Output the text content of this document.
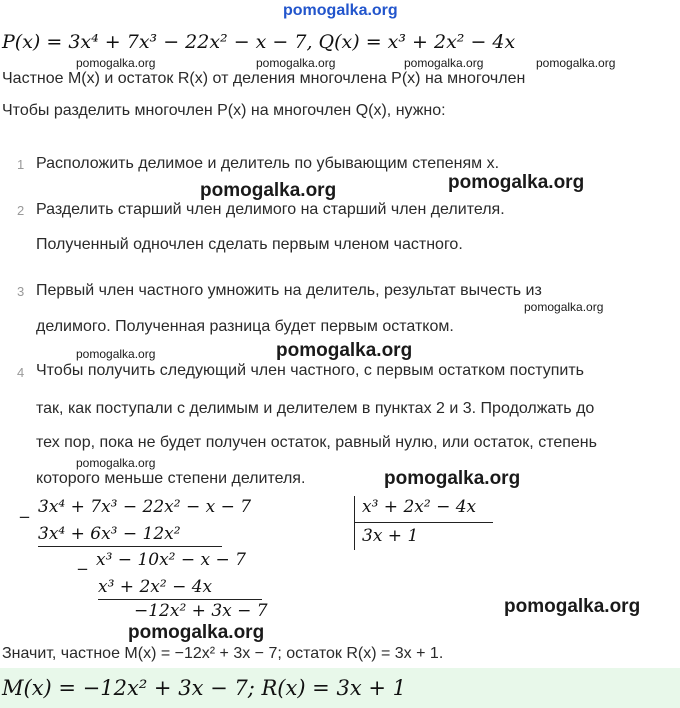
pomogalka.org
P(x) = 3x⁴ + 7x³ − 22x² − x − 7, Q(x) = x³ + 2x² − 4x
pomogalka.org	pomogalka.org	pomogalka.org	pomogalka.org
Частное M(x) и остаток R(x) от деления многочлена P(x) на многочлен
Чтобы разделить многочлен P(x) на многочлен Q(x), нужно:
1 Расположить делимое и делитель по убывающим степеням x.
pomogalka.org	pomogalka.org
2 Разделить старший член делимого на старший член делителя.
Полученный одночлен сделать первым членом частного.
3 Первый член частного умножить на делитель, результат вычесть из
pomogalka.org
делимого. Полученная разница будет первым остатком.
pomogalka.org	pomogalka.org
4 Чтобы получить следующий член частного, с первым остатком поступить
так, как поступали с делимым и делителем в пунктах 2 и 3. Продолжать до
тех пор, пока не будет получен остаток, равный нулю, или остаток, степень
pomogalka.org
которого меньше степени делителя.	pomogalka.org
_ 3x⁴ + 7x³ − 22x² − x − 7
3x⁴ + 6x³ − 12x²
_ x³ − 10x² − x − 7
x³ + 2x² − 4x
−12x² + 3x − 7
x³ + 2x² − 4x
3x + 1
pomogalka.org
pomogalka.org
Значит, частное M(x) = −12x² + 3x − 7; остаток R(x) = 3x + 1.
M(x) = −12x² + 3x − 7; R(x) = 3x + 1
